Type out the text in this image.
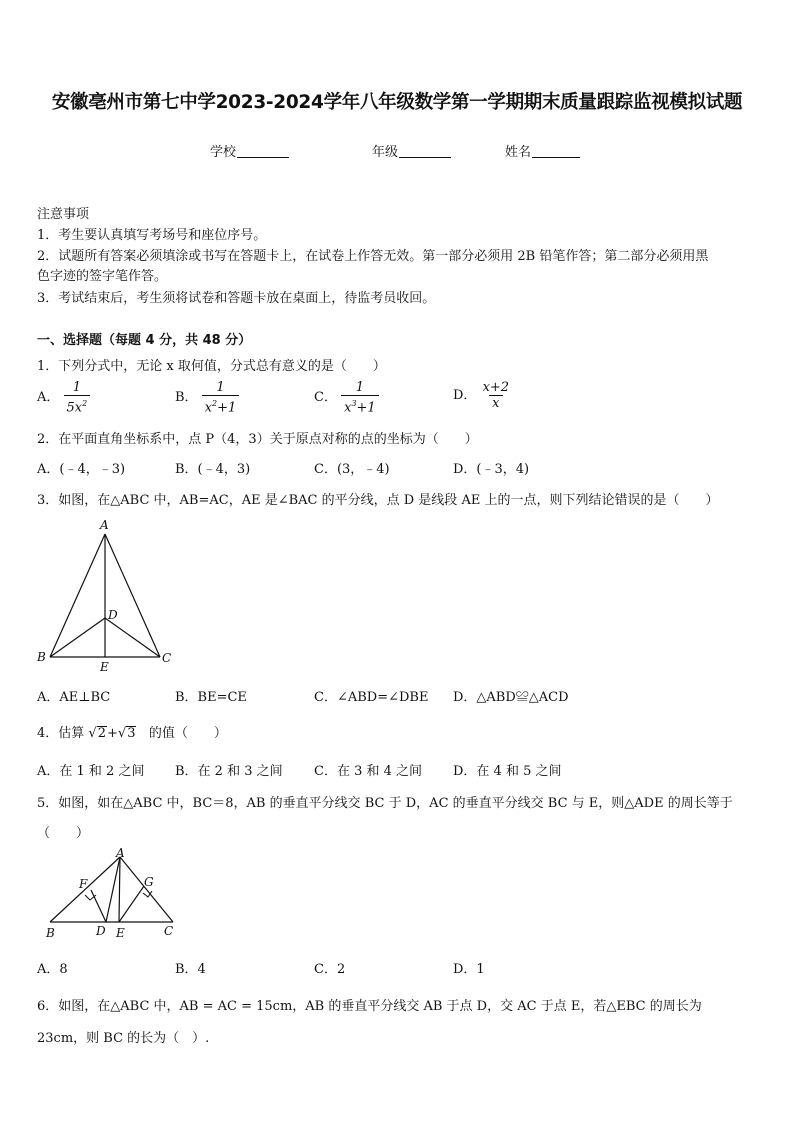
安徽亳州市第七中学2023-2024学年八年级数学第一学期期末质量跟踪监视模拟试题
学校	年级	姓名
注意事项
1．考生要认真填写考场号和座位序号。
2．试题所有答案必须填涂或书写在答题卡上，在试卷上作答无效。第一部分必须用 2B 铅笔作答；第二部分必须用黑
色字迹的签字笔作答。
3．考试结束后，考生须将试卷和答题卡放在桌面上，待监考员收回。
一、选择题（每题 4 分，共 48 分）
1．下列分式中，无论 x 取何值，分式总有意义的是（　　）
A． $\frac{1}{5x^2}$	B． $\frac{1}{x^2+1}$	C． $\frac{1}{x^3+1}$	D． $\frac{x+2}{x}$
2．在平面直角坐标系中，点 P（4，3）关于原点对称的点的坐标为（　　）
A．(﹣4，﹣3)	B．(﹣4，3)	C．(3，﹣4)	D．(﹣3，4)
3．如图，在△ABC 中，AB=AC，AE 是∠BAC 的平分线，点 D 是线段 AE 上的一点，则下列结论错误的是（　　）
A
B	C
D
E
A．AE⊥BC	B．BE=CE	C．∠ABD=∠DBE D．△ABD≌△ACD
4．估算 √2+√3 的值（　　）
A．在 1 和 2 之间 B．在 2 和 3 之间 C．在 3 和 4 之间 D．在 4 和 5 之间
5．如图，如在△ABC 中，BC＝8，AB 的垂直平分线交 BC 于 D，AC 的垂直平分线交 BC 与 E，则△ADE 的周长等于
（　　）
A
B	C
D E
F	G
A．8	B．4	C．2	D．1
6．如图，在△ABC 中，AB = AC = 15cm，AB 的垂直平分线交 AB 于点 D，交 AC 于点 E，若△EBC 的周长为
23cm，则 BC 的长为（　）.
